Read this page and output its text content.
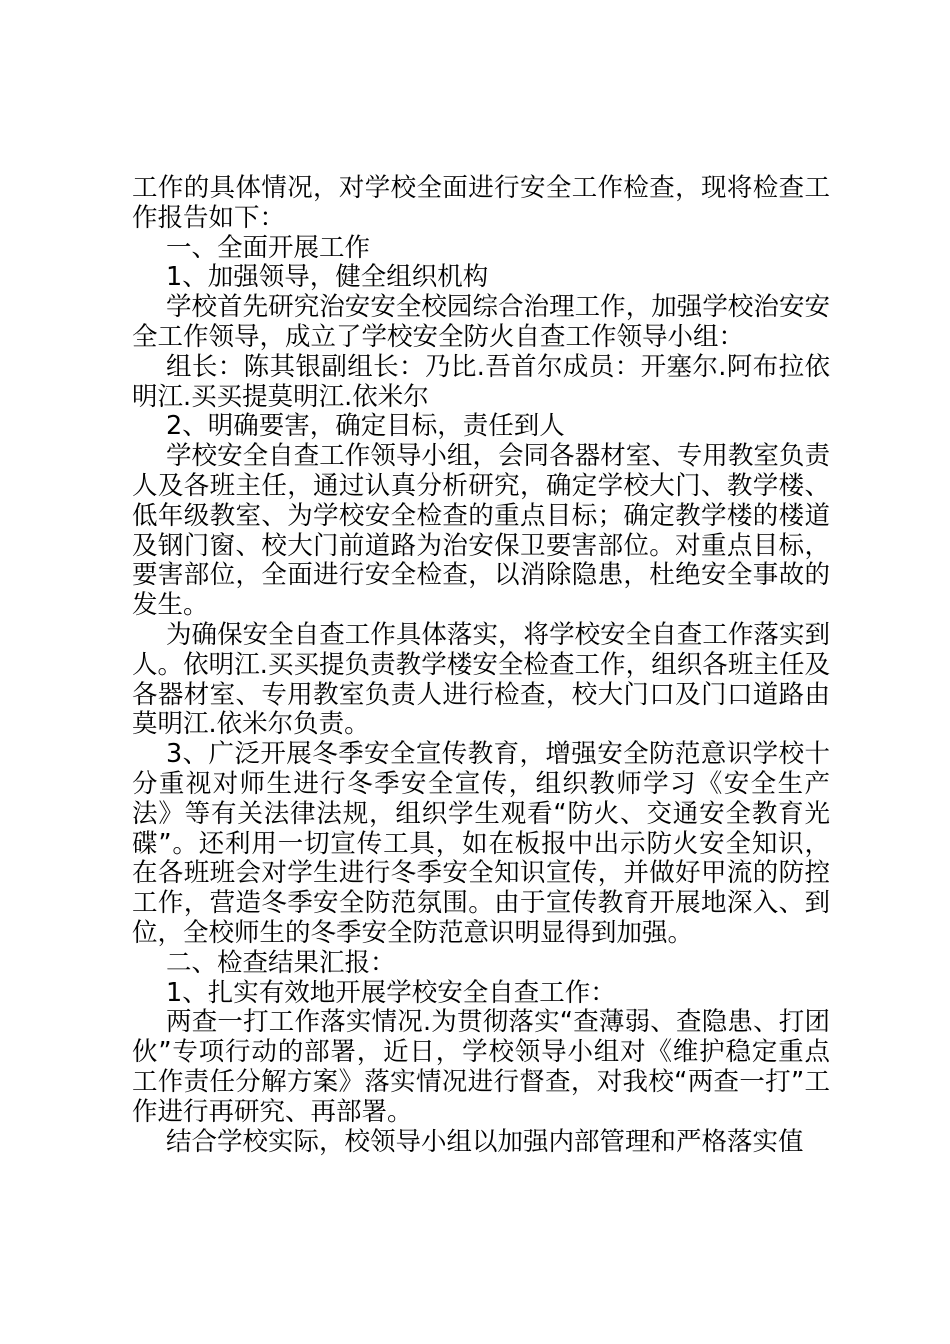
工作的具体情况，对学校全面进行安全工作检查，现将检查工作报告如下：

一、全面开展工作

1、加强领导，健全组织机构

学校首先研究治安安全校园综合治理工作，加强学校治安安全工作领导，成立了学校安全防火自查工作领导小组：

组长：陈其银副组长：乃比.吾首尔成员：开塞尔.阿布拉依明江.买买提莫明江.依米尔

2、明确要害，确定目标，责任到人

学校安全自查工作领导小组，会同各器材室、专用教室负责人及各班主任，通过认真分析研究，确定学校大门、教学楼、低年级教室、为学校安全检查的重点目标；确定教学楼的楼道及钢门窗、校大门前道路为治安保卫要害部位。对重点目标，要害部位，全面进行安全检查，以消除隐患，杜绝安全事故的发生。

为确保安全自查工作具体落实，将学校安全自查工作落实到人。依明江.买买提负责教学楼安全检查工作，组织各班主任及各器材室、专用教室负责人进行检查，校大门口及门口道路由莫明江.依米尔负责。

3、广泛开展冬季安全宣传教育，增强安全防范意识学校十分重视对师生进行冬季安全宣传，组织教师学习《安全生产法》等有关法律法规，组织学生观看“防火、交通安全教育光碟”。还利用一切宣传工具，如在板报中出示防火安全知识，在各班班会对学生进行冬季安全知识宣传，并做好甲流的防控工作，营造冬季安全防范氛围。由于宣传教育开展地深入、到位，全校师生的冬季安全防范意识明显得到加强。

二、检查结果汇报：

1、扎实有效地开展学校安全自查工作：

两查一打工作落实情况.为贯彻落实“查薄弱、查隐患、打团伙”专项行动的部署，近日，学校领导小组对《维护稳定重点工作责任分解方案》落实情况进行督查，对我校“两查一打”工作进行再研究、再部署。

结合学校实际，校领导小组以加强内部管理和严格落实值
